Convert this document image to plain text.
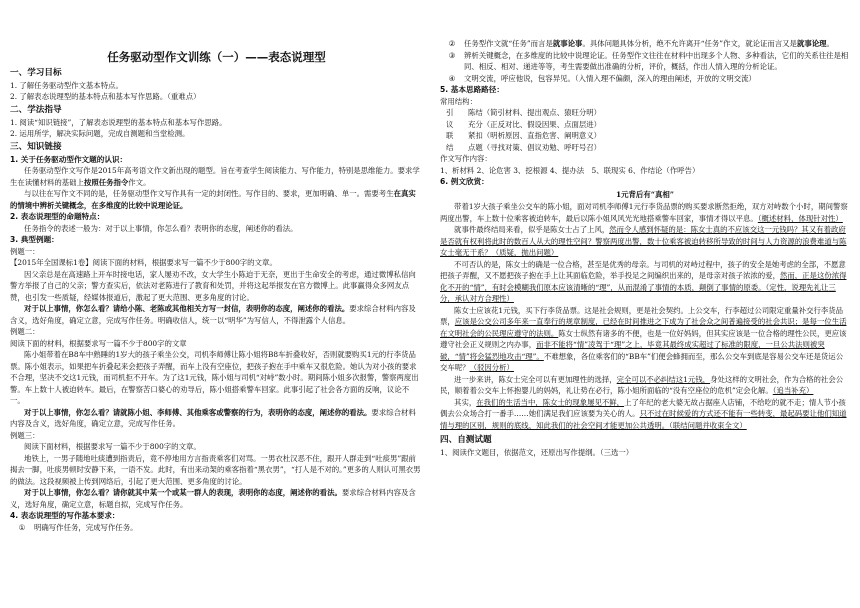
任务驱动型作文训练（一）——表态说理型
一、学习目标

1. 了解任务驱动型作文基本特点。

2. 了解表态说理型的基本特点和基本写作思路。（重难点）

二、学法指导

1. 阅读“知识链接”，了解表态说理型的基本特点和基本写作思路。

2. 运用所学，解决实际问题，完成自测题和当堂检测。

三、知识链接
1. 关于任务驱动型作文题的认识：

任务驱动型作文写作是2015年高考语文作文新出现的题型。旨在考查学生阅读能力、写作能力，特别是思维能力。要求学生在读懂材料的基础上按照任务指令作文。

与以往在写作文不同的是，任务驱动型作文写作具有一定的封闭性。写作目的、要求，更加明确、单一。需要考生在真实的情境中辨析关键概念，在多维度的比较中说理论证。

2. 表态说理型的命题特点：

任务指令的表述一般为：对于以上事情，你怎么看？表明你的态度，阐述你的看法。

3. 典型例题：

例题一：

【2015年全国课标1卷】阅读下面的材料，根据要求写一篇不少于800字的文章。

因父亲总是在高速路上开车时接电话，家人屡劝不改，女大学生小陈迫于无奈，更出于生命安全的考虑，通过微博私信向警方举报了自己的父亲；警方查实后，依法对老陈进行了教育和处罚，并将这起举报发在官方微博上。此事赢得众多网友点赞，也引发一些质疑，经媒体报道后，激起了更大范围、更多角度的讨论。

对于以上事情，你怎么看？请给小陈、老陈或其他相关方写一封信，表明你的态度，阐述你的看法。要求综合材料内容及含义，选好角度，确定立意，完成写作任务。明确收信人，统一以“明华”为写信人，不得泄露个人信息。

例题二：

阅读下面的材料，根据要求写一篇不少于800字的文章

陈小姐带着在B8车中熟睡的1岁大的孩子乘坐公交，司机李师傅让陈小姐将B8车折叠收好，否则就要购买1元的行李货品票。陈小姐表示，如果把车折叠起来会把孩子弄醒，而车上没有空座位，把孩子抱在手中乘车又很危险。她认为对小孩的要求不合理，坚决不交这1元钱，而司机拒不开车。为了这1元钱，陈小姐与司机“对峙”数小时。期间陈小姐多次报警，警察两度出警。车上数十人被迫转车。最后，在警察苦口婆心的劝导后，陈小姐搭乘警车回家。此事引起了社会各方面的反响，议论不一。

对于以上事情，你怎么看？请就陈小姐、李师傅、其他乘客或警察的行为，表明你的态度，阐述你的看法。要求综合材料内容及含义，选好角度，确定立意，完成写作任务。

例题三：

阅读下面材料，根据要求写一篇不少于800字的文章。

地铁上，一男子随地吐痰遭到指责后，竟不停地用方言指责乘客们对骂。一男衣杜汉恶不住，跟开人群走到“吐痰男”跟前揭去一脚，吐痰男顿时安静下来，一语不发。此时，有出来动架的乘客指着“黑衣男”，“打人是不对的。”更多的人则认可黑衣男的做法。这段视频被上传到网络后，引起了更大范围、更多角度的讨论。

对于以上事情，你怎么看？请你就其中某一个或某一群人的表现，表明你的态度，阐述你的看法。要求综合材料内容及含义，选好角度，确定立意，标题自拟，完成写作任务。

4. 表态说理型的写作基本要求：
①	明确写作任务，完成写作任务。
②	任务型作文就“任务”而言是就事论事。具体问题具体分析，绝不允许离开“任务”作文，就论证而言又是就事论理。
③	辨析关键概念，在多维度的比较中说理论证。任务型作文往往在材料中出现多个人物、多种看法，它们的关系往往是相同、相反、相对、递进等等，考生需要做出准确的分析，评价，概括，作出人情入理的分析论证。
④	文明交流，呼应他说，包容异见。（入情入理不偏颇，深入的理由阐述，开放的文明交流）
5. 基本思路路径：

常用结构：

引	陈结（简引材料、提出观点、猿旺分明）
议	充分（正反对比、假设因果、点面层进）
联	紧扣（明析原因、直指危害、阐明意义）
结	点题（寻找对策、倡议劝勉、呼吁号召）

作文写作内容：

1、析材料 2、论危害 3、挖根源 4、提办法　5、联现实 6、作结论（作呼告）

6. 例文欣赏：
1元背后有“真相”

带着1岁大孩子乘坐公交车的陈小姐，面对司机李师傅1元行李货品票的购买要求断然拒绝，双方对峙数个小时，期间警察两度出警，车上数十位乘客被迫转车，最后以陈小姐风风光光地搭乘警车回家，事情才得以平息。（概述材料，体现针对性）

就事件最终结局来看，似乎是陈女士占了上风，然而令人感到怀疑的是：陈女士真的不应该交这一元钱吗？其又有着政府是否就有权利将此时的数百人从大的理性空间？警察两度出警，数十位乘客被迫转移所导致的时间与人力资源的浪费难道与陈女士毫无干系？（质疑，抛出问题）

不可否认的是，陈女士的确是一位合格，甚至是优秀的母亲。与司机的对峙过程中，孩子的安全是她考虑的全部，不愿意把孩子弄醒，又不愿把孩子抱在手上让其面临危险，举手投足之间编织出来的，是母亲对孩子浓浓的爱，然而，正是这份浓得化不开的“情”，有时会模糊我们原本应该清晰的“理”，从而混淆了事情的本质，颠倒了事情的原委。（定性，说理先礼让三分，承认对方合理性）

陈女士应该花1元钱，买下行李货品票。这是社会规则，更是社会契约。上公交车，行李超过公司限定重量补交行李货品票，应该是公交公司多年来一直奉行的规章制度，已经在时间推进之下成为了社会众之间普遍接受的社会共识；是每一位生活在文明社会的公民理应遵守的法则。陈女士纵然有诸多的不便，也是一位好妈妈，但其实应该是一位合格的理性公民，更应该遵守社会正义规则之内办事，而非不能将“情”凌驾于“理”之上，毕竟其最终成实超过了标准的限度，一旦公共法则被突破，“情”将会猛烈地攻击“理”。不难想象，各位乘客们的“BB车”们便会蜂拥而至，那么公交车到底是容易公交车还是货运公交车呢？（驳因分析）

进一步来讲，陈女士完全可以有更加理性的选择，完全可以不必纠结这1元钱，身处这样的文明社会，作为合格的社会公民，顺着着公交车上怀抱婴儿的妈妈，礼让势在必行，陈小姐所面临的“没有空座位的危机”定会化解。（追当补充）

其实，在我们的生活当中，陈女士的现象屡见不鲜，上了年纪的老大婆无故占据座人店铺，不给吃的就不走；情人节小孩偶去公众场合打一番手……她们满足我们应该要为关心的人。只不过在时候爱的方式还不能有一些转变，最起码要让他们知道情与理的区别，规则的底线，知此我们的社会空间才能更加公共透明。（联结问题并收束全文）

四、自测试题

1、阅读作文题目，依据范文，还原出写作提纲。（三选一）
